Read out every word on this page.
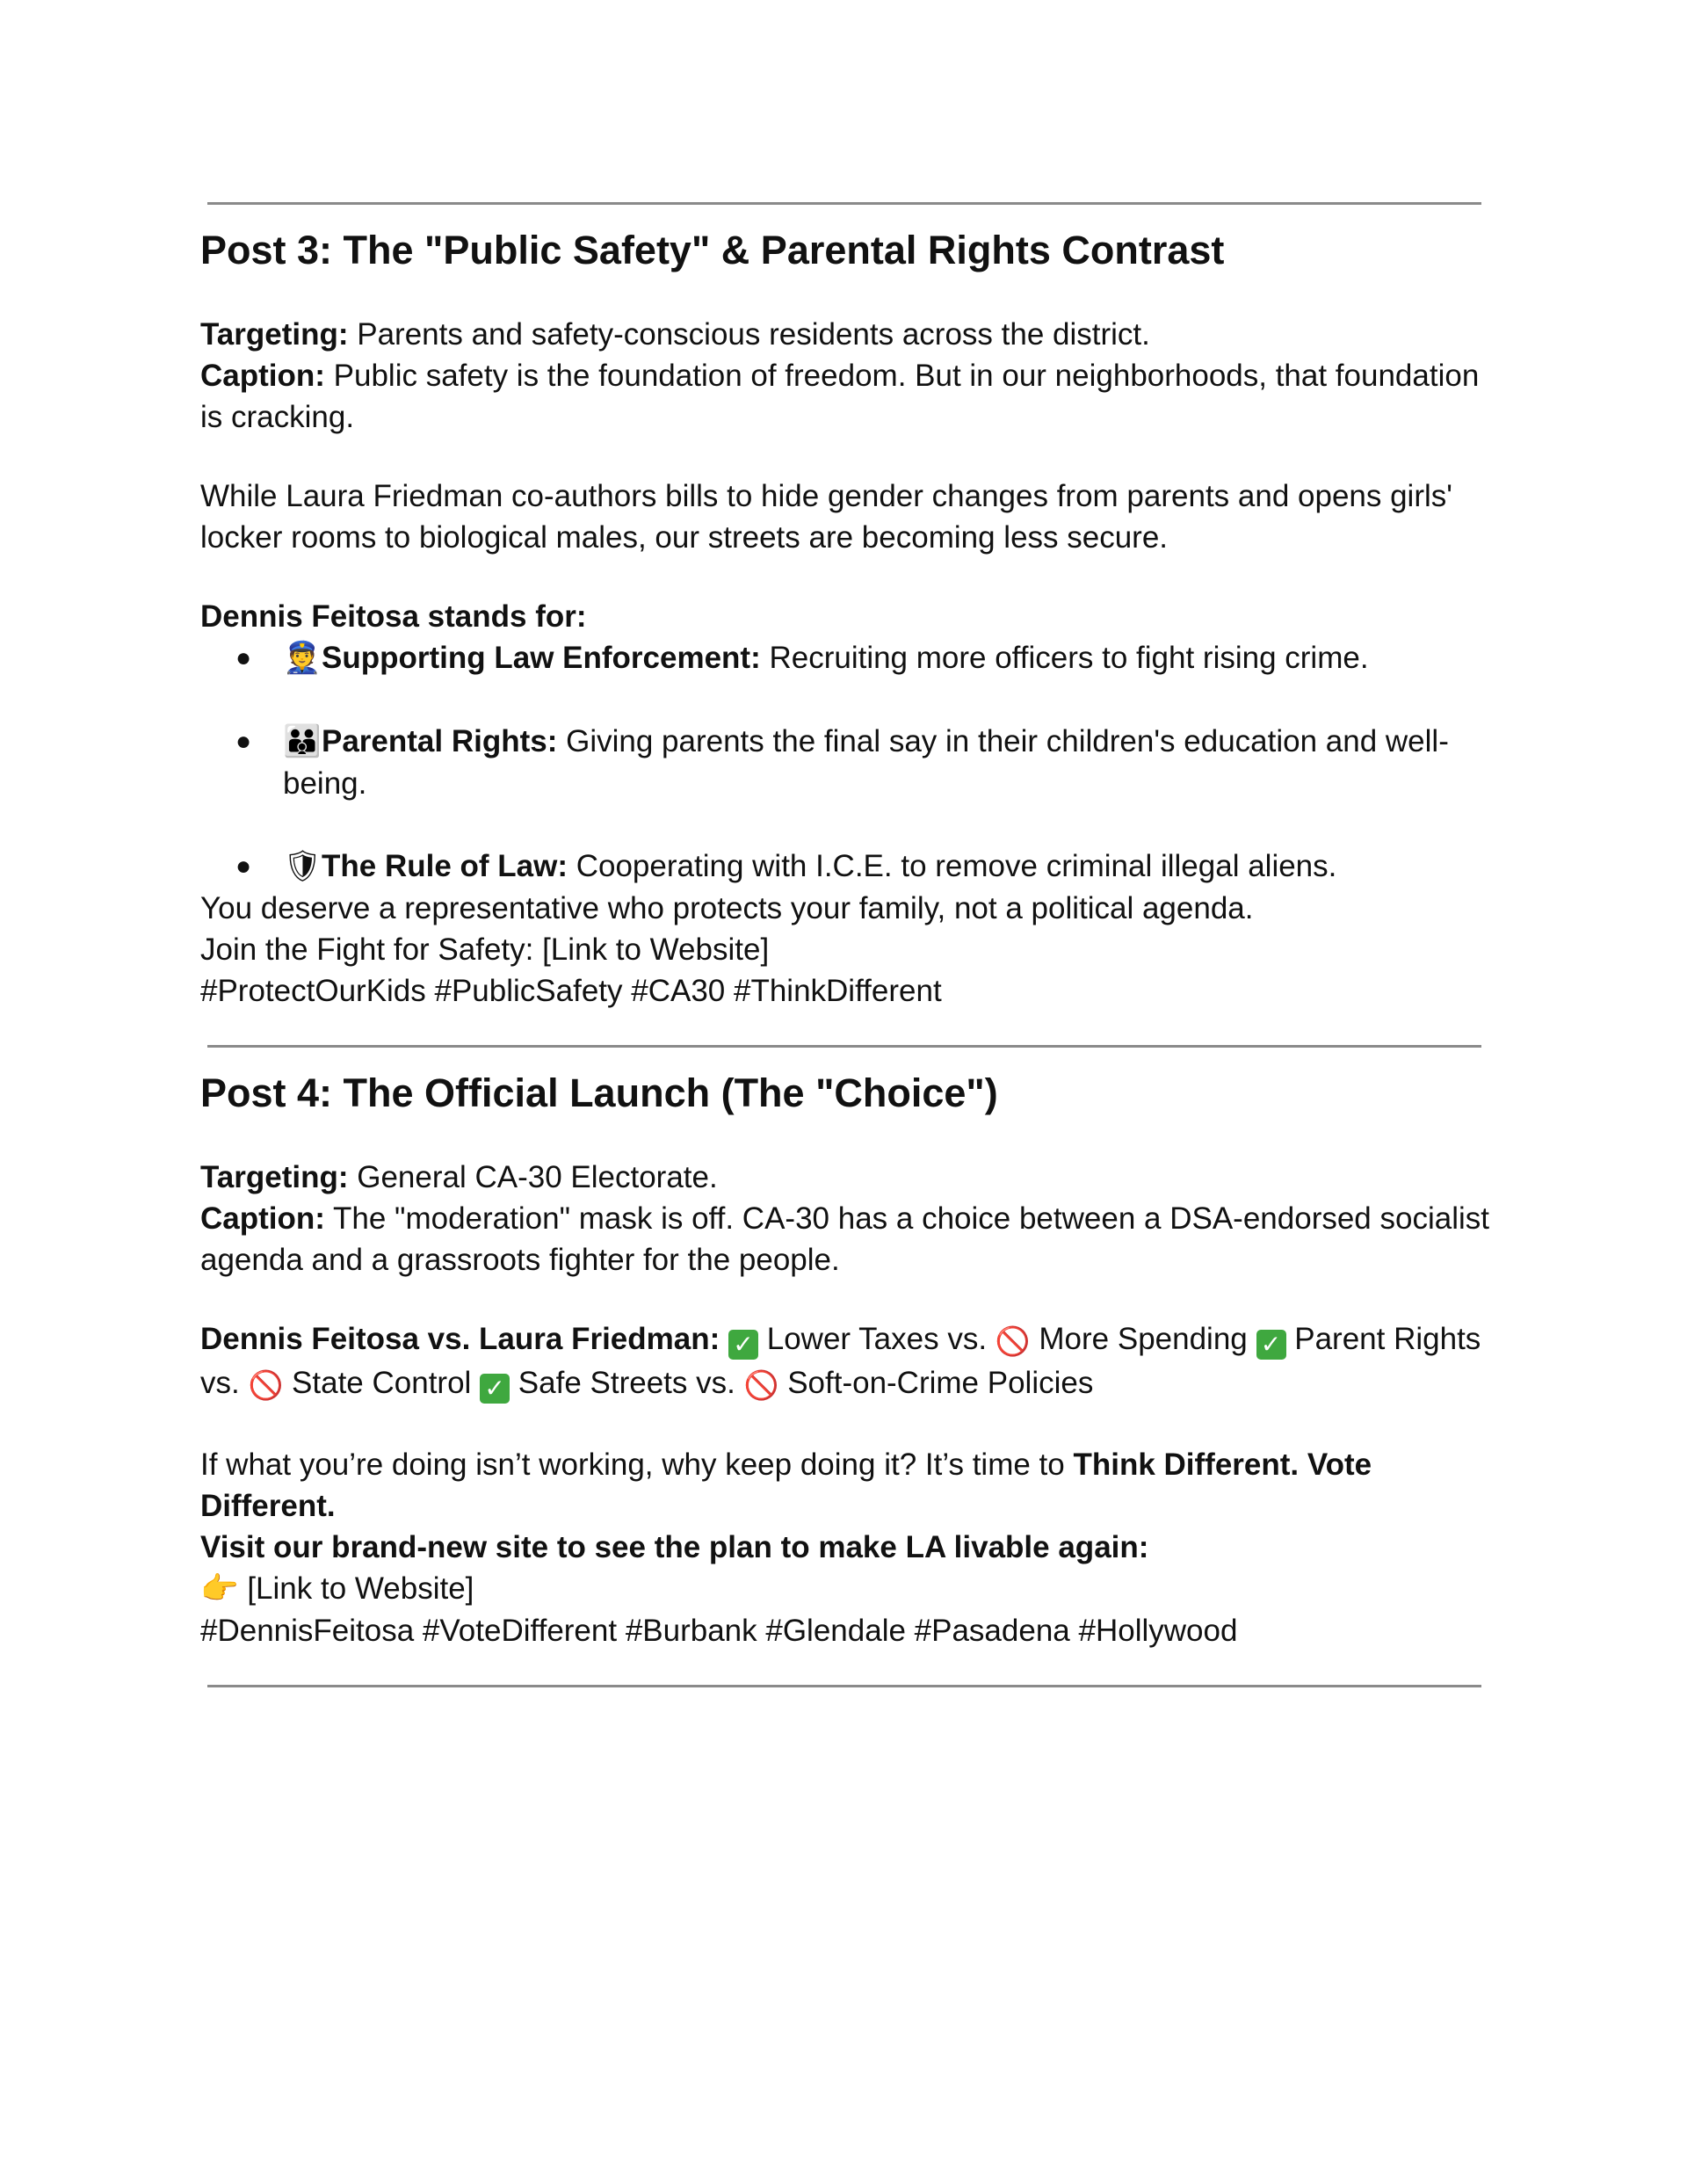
Post 3: The "Public Safety" & Parental Rights Contrast

Targeting: Parents and safety-conscious residents across the district.

Caption: Public safety is the foundation of freedom. But in our neighborhoods, that foundation is cracking.

While Laura Friedman co-authors bills to hide gender changes from parents and opens girls' locker rooms to biological males, our streets are becoming less secure.

Dennis Feitosa stands for:

● 👮Supporting Law Enforcement: Recruiting more officers to fight rising crime.
● 👪Parental Rights: Giving parents the final say in their children's education and well-being.
● 🛡The Rule of Law: Cooperating with I.C.E. to remove criminal illegal aliens.

You deserve a representative who protects your family, not a political agenda.

Join the Fight for Safety: [Link to Website]

#ProtectOurKids #PublicSafety #CA30 #ThinkDifferent

Post 4: The Official Launch (The "Choice")

Targeting: General CA-30 Electorate.

Caption: The "moderation" mask is off. CA-30 has a choice between a DSA-endorsed socialist agenda and a grassroots fighter for the people.

Dennis Feitosa vs. Laura Friedman: ✓ Lower Taxes vs. 🚫 More Spending ✓ Parent Rights vs. 🚫 State Control ✓ Safe Streets vs. 🚫 Soft-on-Crime Policies

If what you’re doing isn’t working, why keep doing it? It’s time to Think Different. Vote Different.

Visit our brand-new site to see the plan to make LA livable again:

👉 [Link to Website]

#DennisFeitosa #VoteDifferent #Burbank #Glendale #Pasadena #Hollywood
